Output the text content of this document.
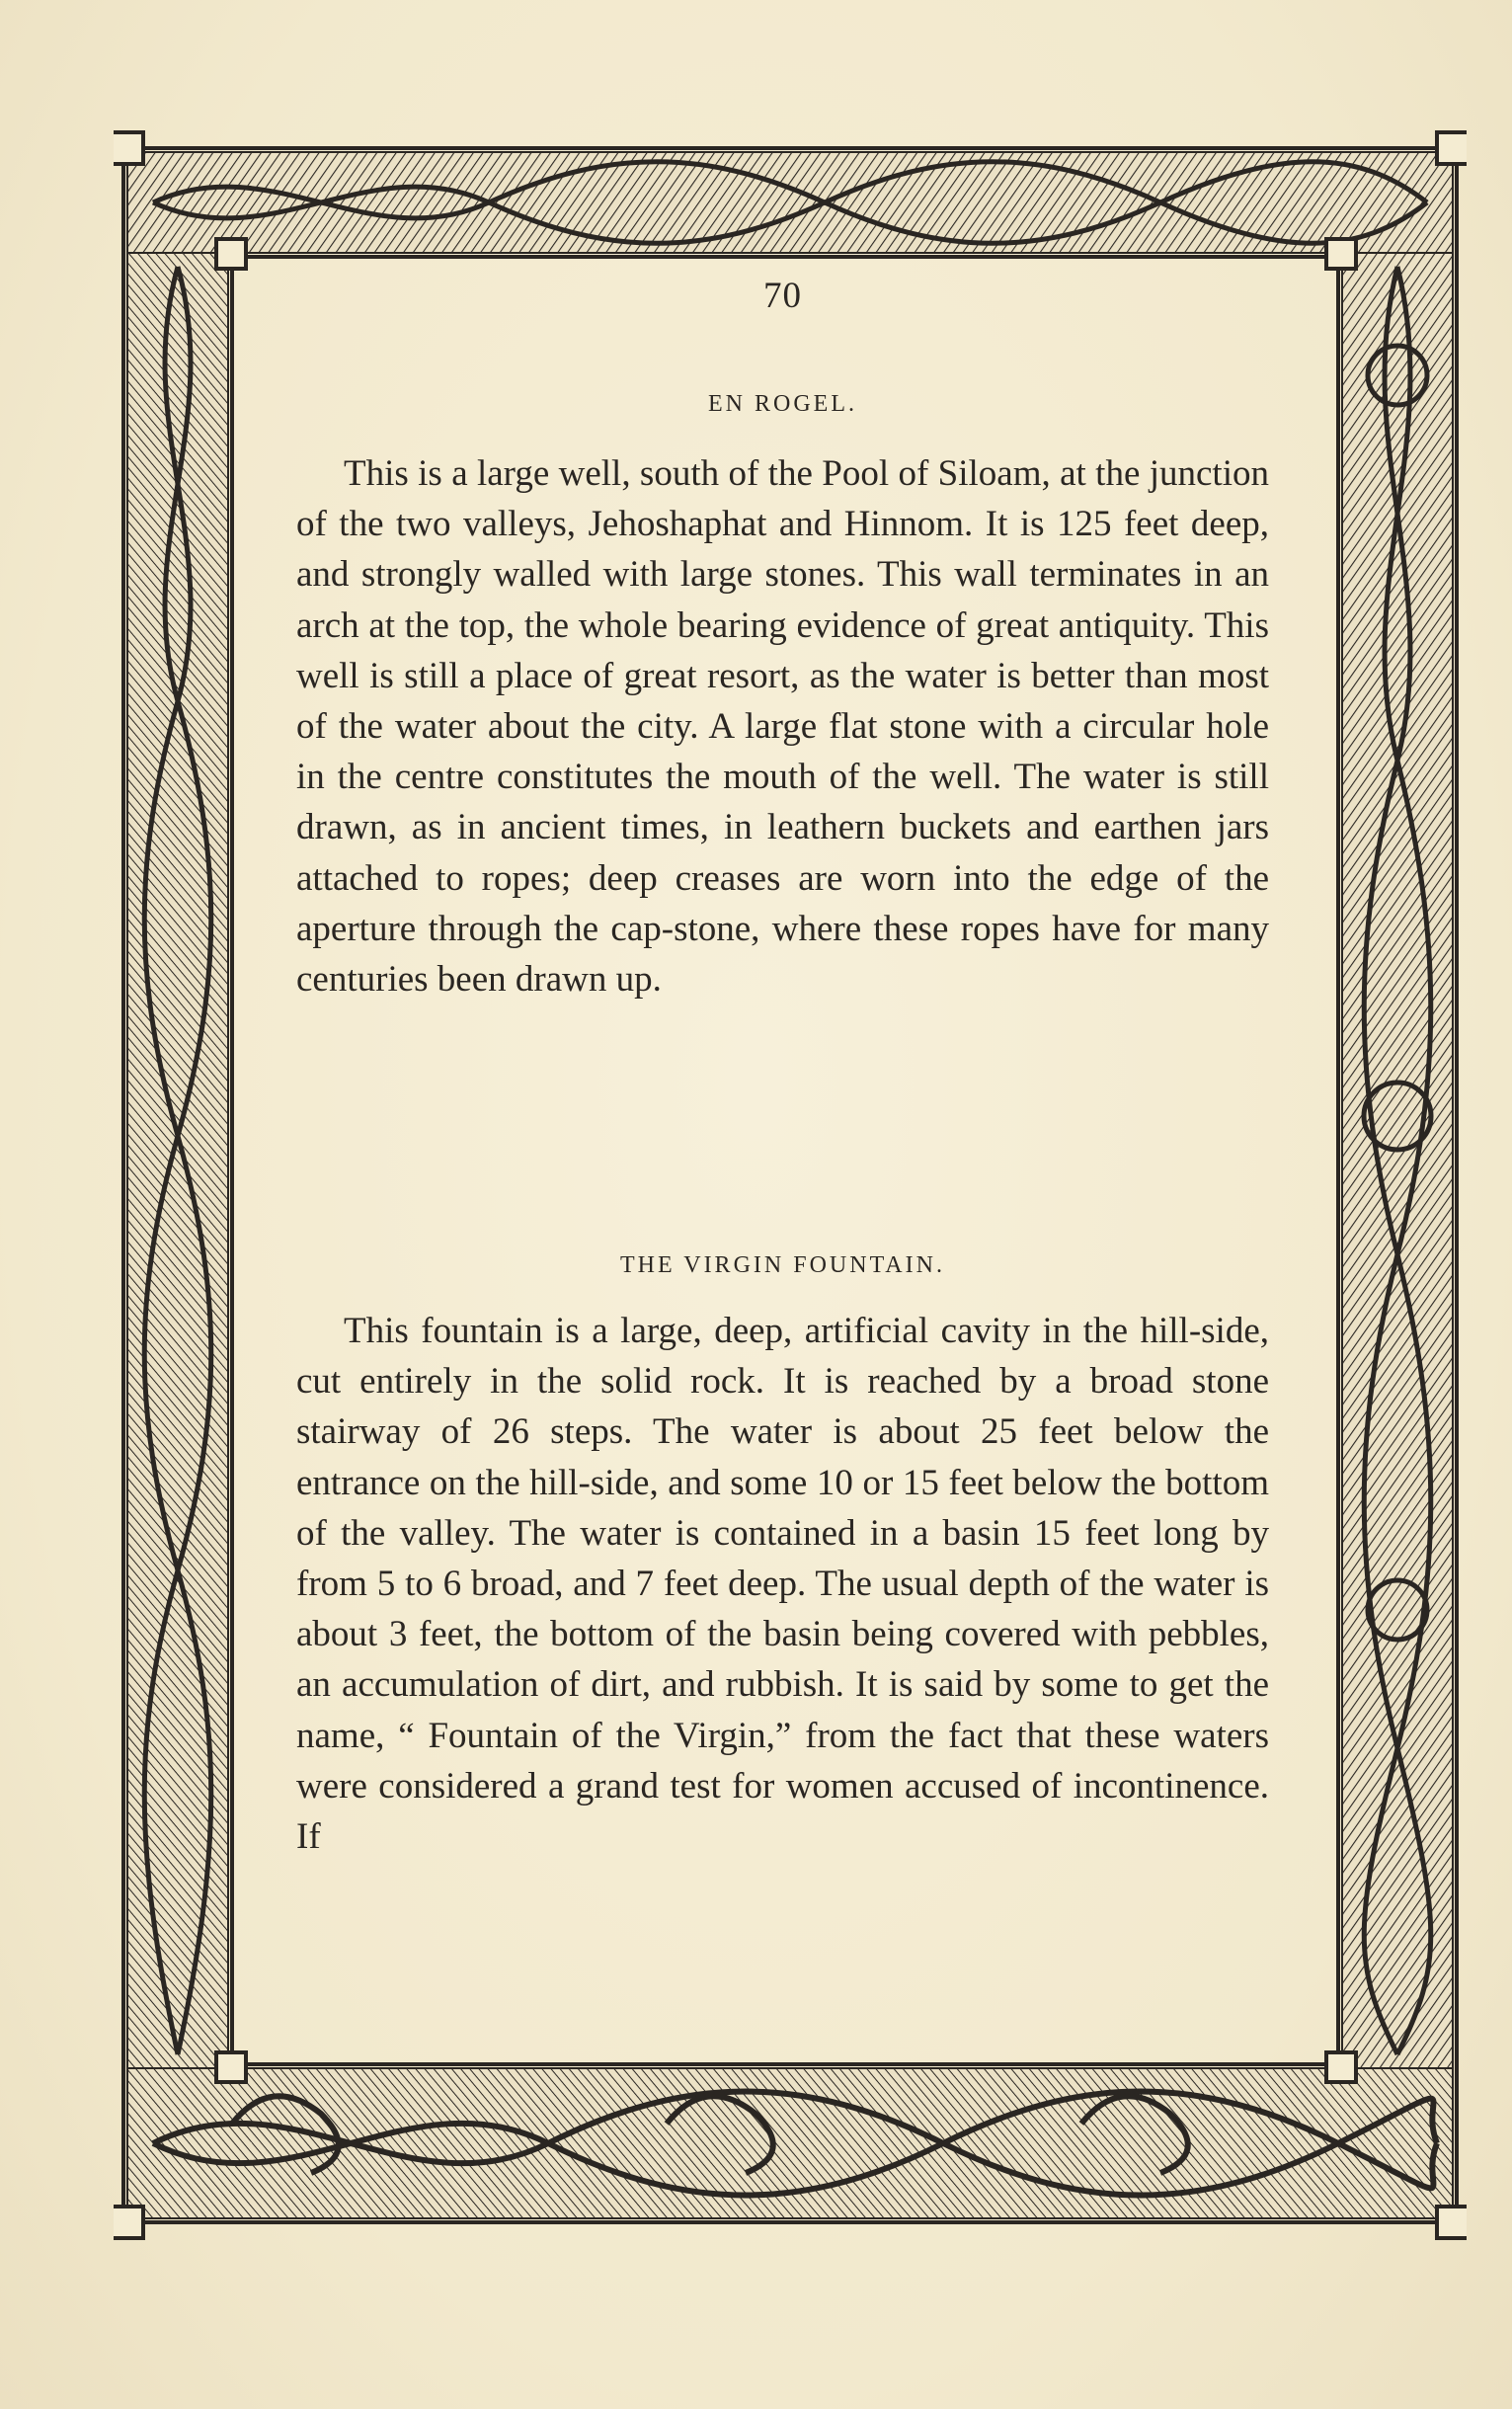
70
EN ROGEL.

This is a large well, south of the Pool of Siloam, at the junction of the two valleys, Jehoshaphat and Hinnom. It is 125 feet deep, and strongly walled with large stones. This wall terminates in an arch at the top, the whole bearing evidence of great antiquity. This well is still a place of great resort, as the water is better than most of the water about the city. A large flat stone with a circular hole in the centre constitutes the mouth of the well. The water is still drawn, as in ancient times, in leathern buckets and earthen jars attached to ropes; deep creases are worn into the edge of the aperture through the cap-stone, where these ropes have for many centuries been drawn up.

THE VIRGIN FOUNTAIN.

This fountain is a large, deep, artificial cavity in the hill-side, cut entirely in the solid rock. It is reached by a broad stone stairway of 26 steps. The water is about 25 feet below the entrance on the hill-side, and some 10 or 15 feet below the bottom of the valley. The water is contained in a basin 15 feet long by from 5 to 6 broad, and 7 feet deep. The usual depth of the water is about 3 feet, the bottom of the basin being covered with pebbles, an accumulation of dirt, and rubbish. It is said by some to get the name, “ Fountain of the Virgin,” from the fact that these waters were considered a grand test for women accused of incontinence. If
